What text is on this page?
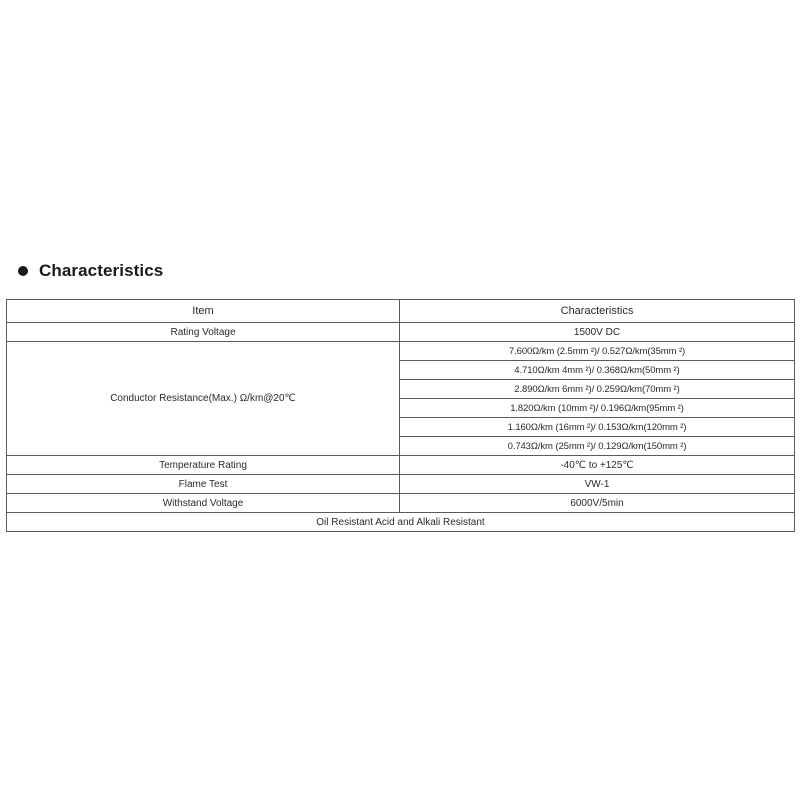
Characteristics
Item	Characteristics
Rating Voltage	1500V DC
Conductor Resistance(Max.) Ω/km@20℃	7.600Ω/km (2.5mm ²)/ 0.527Ω/km(35mm ²)
	4.710Ω/km 4mm ²)/ 0.368Ω/km(50mm ²)
	2.890Ω/km 6mm ²)/ 0.259Ω/km(70mm ²)
	1.820Ω/km (10mm ²)/ 0.196Ω/km(95mm ²)
	1.160Ω/km (16mm ²)/ 0.153Ω/km(120mm ²)
	0.743Ω/km (25mm ²)/ 0.129Ω/km(150mm ²)
Temperature Rating	-40℃ to +125℃
Flame Test	VW-1
Withstand Voltage	6000V/5min
Oil Resistant Acid and Alkali Resistant	
